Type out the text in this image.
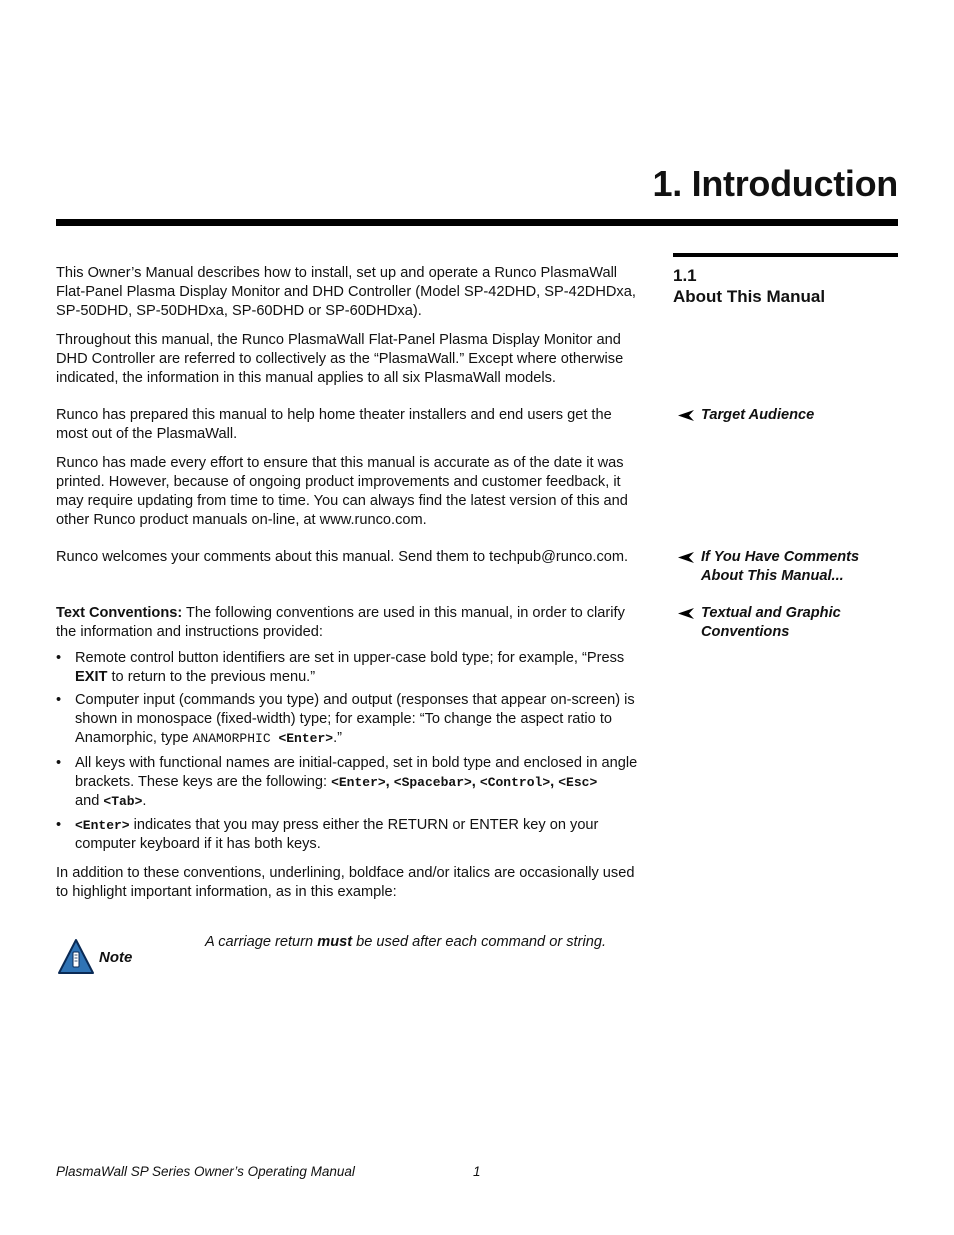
1. Introduction
1.1
About This Manual
This Owner’s Manual describes how to install, set up and operate a Runco PlasmaWall
Flat-Panel Plasma Display Monitor and DHD Controller (Model SP-42DHD, SP-42DHDxa,
SP-50DHD, SP-50DHDxa, SP-60DHD or SP-60DHDxa).
Throughout this manual, the Runco PlasmaWall Flat-Panel Plasma Display Monitor and
DHD Controller are referred to collectively as the “PlasmaWall.” Except where otherwise
indicated, the information in this manual applies to all six PlasmaWall models.
Runco has prepared this manual to help home theater installers and end users get the
most out of the PlasmaWall.
Target Audience
Runco has made every effort to ensure that this manual is accurate as of the date it was
printed. However, because of ongoing product improvements and customer feedback, it
may require updating from time to time. You can always find the latest version of this and
other Runco product manuals on-line, at www.runco.com.
Runco welcomes your comments about this manual. Send them to techpub@runco.com.	If You Have Comments
About This Manual...
Text Conventions: The following conventions are used in this manual, in order to clarify
the information and instructions provided:
Textual and Graphic
Conventions
• Remote control button identifiers are set in upper-case bold type; for example, “Press
EXIT to return to the previous menu.”
• Computer input (commands you type) and output (responses that appear on-screen) is
shown in monospace (fixed-width) type; for example: “To change the aspect ratio to
Anamorphic, type ANAMORPHIC <Enter>.”
• All keys with functional names are initial-capped, set in bold type and enclosed in angle
brackets. These keys are the following: <Enter>, <Spacebar>, <Control>, <Esc>
and <Tab>.
• <Enter> indicates that you may press either the RETURN or ENTER key on your
computer keyboard if it has both keys.
In addition to these conventions, underlining, boldface and/or italics are occasionally used
to highlight important information, as in this example:
Note
A carriage return must be used after each command or string.
PlasmaWall SP Series Owner’s Operating Manual	1
